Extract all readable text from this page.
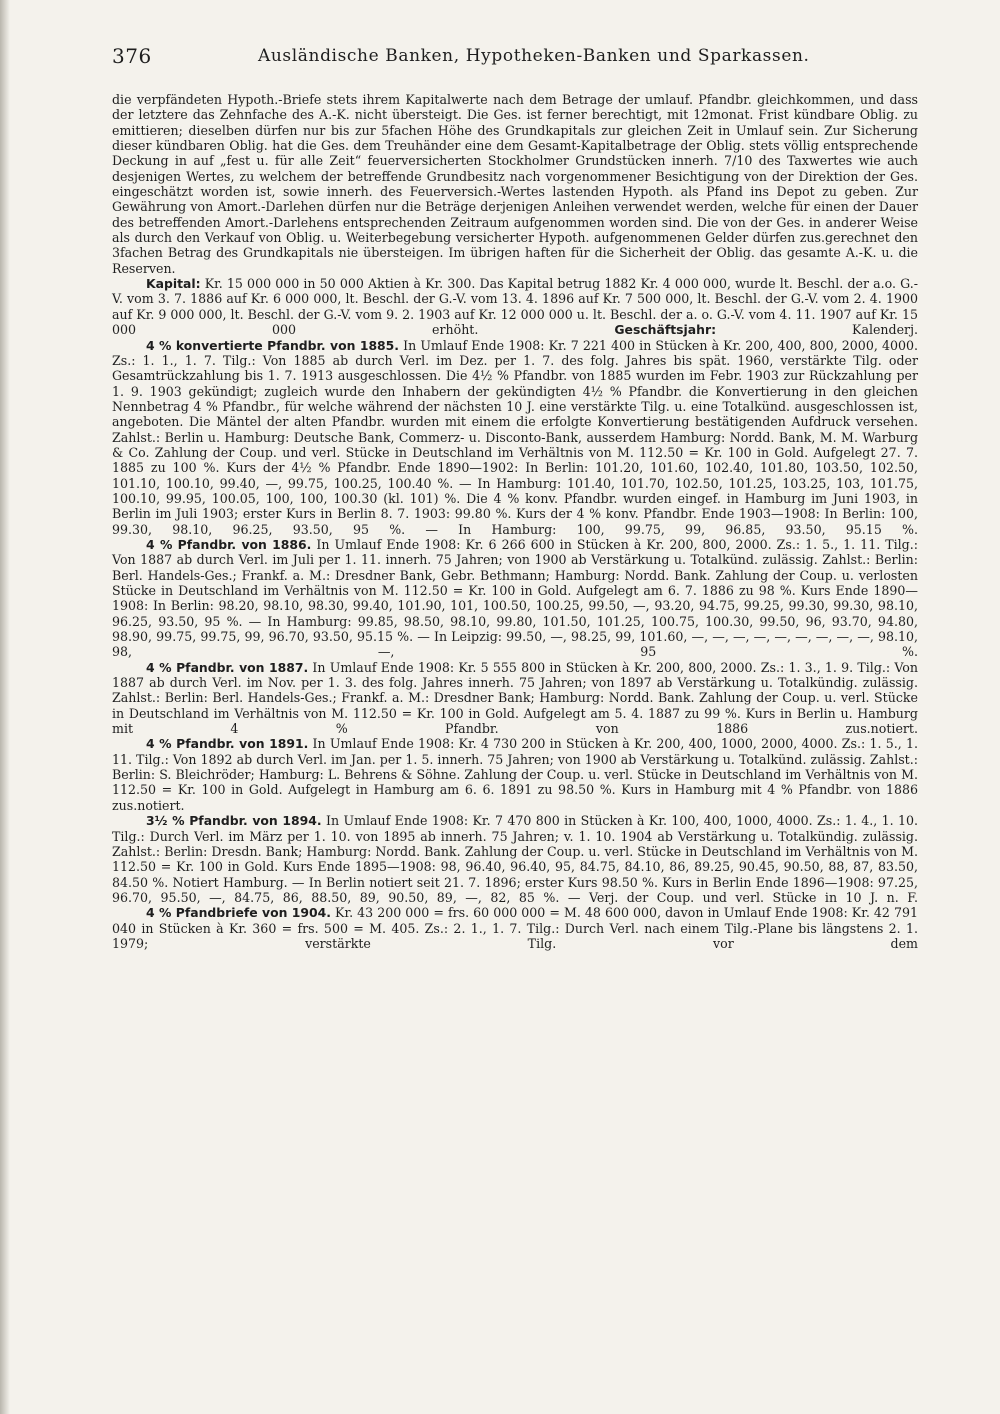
376	Ausländische Banken, Hypotheken-Banken und Sparkassen.

die verpfändeten Hypoth.-Briefe stets ihrem Kapitalwerte nach dem Betrage der umlauf. Pfandbr. gleichkommen, und dass der letztere das Zehnfache des A.-K. nicht übersteigt. Die Ges. ist ferner berechtigt, mit 12monat. Frist kündbare Oblig. zu emittieren; dieselben dürfen nur bis zur 5fachen Höhe des Grundkapitals zur gleichen Zeit in Umlauf sein. Zur Sicherung dieser kündbaren Oblig. hat die Ges. dem Treuhänder eine dem Gesamt-Kapitalbetrage der Oblig. stets völlig entsprechende Deckung in auf „fest u. für alle Zeit“ feuerversicherten Stockholmer Grundstücken innerh. 7/10 des Taxwertes wie auch desjenigen Wertes, zu welchem der betreffende Grundbesitz nach vorgenommener Besichtigung von der Direktion der Ges. eingeschätzt worden ist, sowie innerh. des Feuerversich.-Wertes lastenden Hypoth. als Pfand ins Depot zu geben. Zur Gewährung von Amort.-Darlehen dürfen nur die Beträge derjenigen Anleihen verwendet werden, welche für einen der Dauer des betreffenden Amort.-Darlehens entsprechenden Zeitraum aufgenommen worden sind. Die von der Ges. in anderer Weise als durch den Verkauf von Oblig. u. Weiterbegebung versicherter Hypoth. aufgenommenen Gelder dürfen zus.gerechnet den 3fachen Betrag des Grundkapitals nie übersteigen. Im übrigen haften für die Sicherheit der Oblig. das gesamte A.-K. u. die Reserven.

Kapital: Kr. 15 000 000 in 50 000 Aktien à Kr. 300. Das Kapital betrug 1882 Kr. 4 000 000, wurde lt. Beschl. der a.o. G.-V. vom 3. 7. 1886 auf Kr. 6 000 000, lt. Beschl. der G.-V. vom 13. 4. 1896 auf Kr. 7 500 000, lt. Beschl. der G.-V. vom 2. 4. 1900 auf Kr. 9 000 000, lt. Beschl. der G.-V. vom 9. 2. 1903 auf Kr. 12 000 000 u. lt. Beschl. der a. o. G.-V. vom 4. 11. 1907 auf Kr. 15 000 000 erhöht.	Geschäftsjahr:	Kalenderj.

4 % konvertierte Pfandbr. von 1885. In Umlauf Ende 1908: Kr. 7 221 400 in Stücken à Kr. 200, 400, 800, 2000, 4000. Zs.: 1. 1., 1. 7. Tilg.: Von 1885 ab durch Verl. im Dez. per 1. 7. des folg. Jahres bis spät. 1960, verstärkte Tilg. oder Gesamtrückzahlung bis 1. 7. 1913 ausgeschlossen. Die 4½ % Pfandbr. von 1885 wurden im Febr. 1903 zur Rückzahlung per 1. 9. 1903 gekündigt; zugleich wurde den Inhabern der gekündigten 4½ % Pfandbr. die Konvertierung in den gleichen Nennbetrag 4 % Pfandbr., für welche während der nächsten 10 J. eine verstärkte Tilg. u. eine Totalkünd. ausgeschlossen ist, angeboten. Die Mäntel der alten Pfandbr. wurden mit einem die erfolgte Konvertierung bestätigenden Aufdruck versehen. Zahlst.: Berlin u. Hamburg: Deutsche Bank, Commerz- u. Disconto-Bank, ausserdem Hamburg: Nordd. Bank, M. M. Warburg & Co. Zahlung der Coup. und verl. Stücke in Deutschland im Verhältnis von M. 112.50 = Kr. 100 in Gold. Aufgelegt 27. 7. 1885 zu 100 %. Kurs der 4½ % Pfandbr. Ende 1890—1902: In Berlin: 101.20, 101.60, 102.40, 101.80, 103.50, 102.50, 101.10, 100.10, 99.40, —, 99.75, 100.25, 100.40 %. — In Hamburg: 101.40, 101.70, 102.50, 101.25, 103.25, 103, 101.75, 100.10, 99.95, 100.05, 100, 100, 100.30 (kl. 101) %. Die 4 % konv. Pfandbr. wurden eingef. in Hamburg im Juni 1903, in Berlin im Juli 1903; erster Kurs in Berlin 8. 7. 1903: 99.80 %. Kurs der 4 % konv. Pfandbr. Ende 1903—1908: In Berlin: 100, 99.30, 98.10, 96.25, 93.50, 95 %. — In Hamburg: 100, 99.75, 99, 96.85, 93.50, 95.15 %.

4 % Pfandbr. von 1886. In Umlauf Ende 1908: Kr. 6 266 600 in Stücken à Kr. 200, 800, 2000. Zs.: 1. 5., 1. 11. Tilg.: Von 1887 ab durch Verl. im Juli per 1. 11. innerh. 75 Jahren; von 1900 ab Verstärkung u. Totalkünd. zulässig. Zahlst.: Berlin: Berl. Handels-Ges.; Frankf. a. M.: Dresdner Bank, Gebr. Bethmann; Hamburg: Nordd. Bank. Zahlung der Coup. u. verlosten Stücke in Deutschland im Verhältnis von M. 112.50 = Kr. 100 in Gold. Aufgelegt am 6. 7. 1886 zu 98 %. Kurs Ende 1890—1908: In Berlin: 98.20, 98.10, 98.30, 99.40, 101.90, 101, 100.50, 100.25, 99.50, —, 93.20, 94.75, 99.25, 99.30, 99.30, 98.10, 96.25, 93.50, 95 %. — In Hamburg: 99.85, 98.50, 98.10, 99.80, 101.50, 101.25, 100.75, 100.30, 99.50, 96, 93.70, 94.80, 98.90, 99.75, 99.75, 99, 96.70, 93.50, 95.15 %. — In Leipzig: 99.50, —, 98.25, 99, 101.60, —, —, —, —, —, —, —, —, —, 98.10, 98, —, 95 %.

4 % Pfandbr. von 1887. In Umlauf Ende 1908: Kr. 5 555 800 in Stücken à Kr. 200, 800, 2000. Zs.: 1. 3., 1. 9. Tilg.: Von 1887 ab durch Verl. im Nov. per 1. 3. des folg. Jahres innerh. 75 Jahren; von 1897 ab Verstärkung u. Totalkündig. zulässig. Zahlst.: Berlin: Berl. Handels-Ges.; Frankf. a. M.: Dresdner Bank; Hamburg: Nordd. Bank. Zahlung der Coup. u. verl. Stücke in Deutschland im Verhältnis von M. 112.50 = Kr. 100 in Gold. Aufgelegt am 5. 4. 1887 zu 99 %. Kurs in Berlin u. Hamburg mit 4 % Pfandbr. von 1886 zus.notiert.

4 % Pfandbr. von 1891. In Umlauf Ende 1908: Kr. 4 730 200 in Stücken à Kr. 200, 400, 1000, 2000, 4000. Zs.: 1. 5., 1. 11. Tilg.: Von 1892 ab durch Verl. im Jan. per 1. 5. innerh. 75 Jahren; von 1900 ab Verstärkung u. Totalkünd. zulässig. Zahlst.: Berlin: S. Bleichröder; Hamburg: L. Behrens & Söhne. Zahlung der Coup. u. verl. Stücke in Deutschland im Verhältnis von M. 112.50 = Kr. 100 in Gold. Aufgelegt in Hamburg am 6. 6. 1891 zu 98.50 %. Kurs in Hamburg mit 4 % Pfandbr. von 1886 zus.notiert.

3½ % Pfandbr. von 1894. In Umlauf Ende 1908: Kr. 7 470 800 in Stücken à Kr. 100, 400, 1000, 4000. Zs.: 1. 4., 1. 10. Tilg.: Durch Verl. im März per 1. 10. von 1895 ab innerh. 75 Jahren; v. 1. 10. 1904 ab Verstärkung u. Totalkündig. zulässig. Zahlst.: Berlin: Dresdn. Bank; Hamburg: Nordd. Bank. Zahlung der Coup. u. verl. Stücke in Deutschland im Verhältnis von M. 112.50 = Kr. 100 in Gold. Kurs Ende 1895—1908: 98, 96.40, 96.40, 95, 84.75, 84.10, 86, 89.25, 90.45, 90.50, 88, 87, 83.50, 84.50 %. Notiert Hamburg. — In Berlin notiert seit 21. 7. 1896; erster Kurs 98.50 %. Kurs in Berlin Ende 1896—1908: 97.25, 96.70, 95.50, —, 84.75, 86, 88.50, 89, 90.50, 89, —, 82, 85 %. — Verj. der Coup. und verl. Stücke in 10 J. n. F.

4 % Pfandbriefe von 1904. Kr. 43 200 000 = frs. 60 000 000 = M. 48 600 000, davon in Umlauf Ende 1908: Kr. 42 791 040 in Stücken à Kr. 360 = frs. 500 = M. 405. Zs.: 2. 1., 1. 7. Tilg.: Durch Verl. nach einem Tilg.-Plane bis längstens 2. 1. 1979; verstärkte Tilg. vor dem
